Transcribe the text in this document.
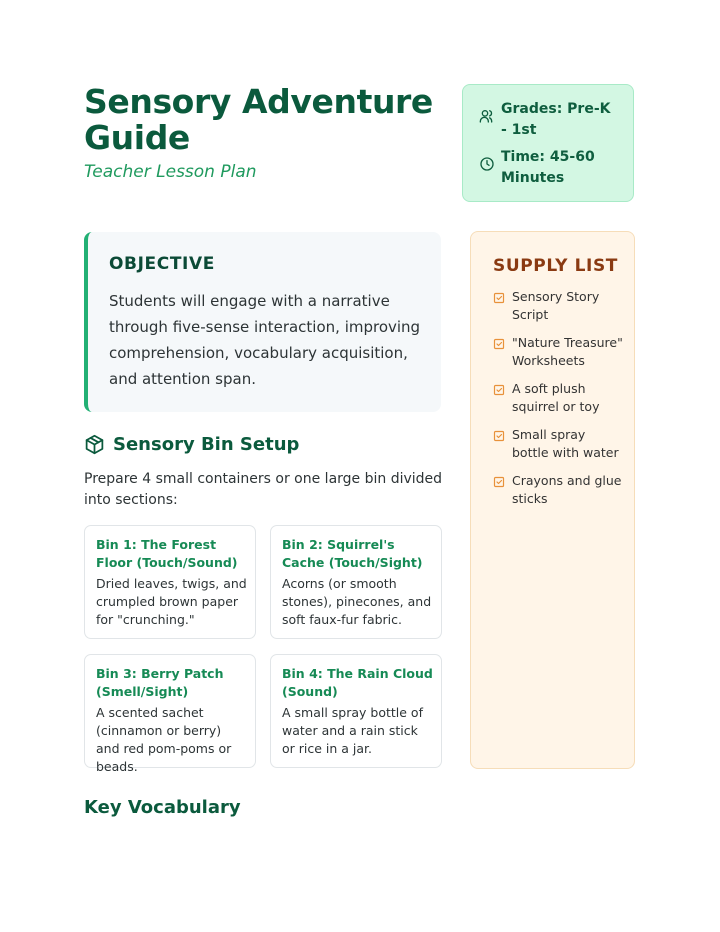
Sensory Adventure Guide

Teacher Lesson Plan

Grades: Pre-K - 1st
Time: 45-60 Minutes
OBJECTIVE

Students will engage with a narrative through five-sense interaction, improving comprehension, vocabulary acquisition, and attention span.

Sensory Bin Setup

Prepare 4 small containers or one large bin divided into sections:

Bin 1: The Forest Floor (Touch/Sound)

Dried leaves, twigs, and crumpled brown paper for "crunching."

Bin 2: Squirrel's Cache (Touch/Sight)

Acorns (or smooth stones), pinecones, and soft faux-fur fabric.

Bin 3: Berry Patch (Smell/Sight)

A scented sachet (cinnamon or berry) and red pom-poms or beads.

Bin 4: The Rain Cloud (Sound)

A small spray bottle of water and a rain stick or rice in a jar.

Key Vocabulary
SUPPLY LIST
Sensory Story Script
"Nature Treasure" Worksheets
A soft plush squirrel or toy
Small spray bottle with water
Crayons and glue sticks
